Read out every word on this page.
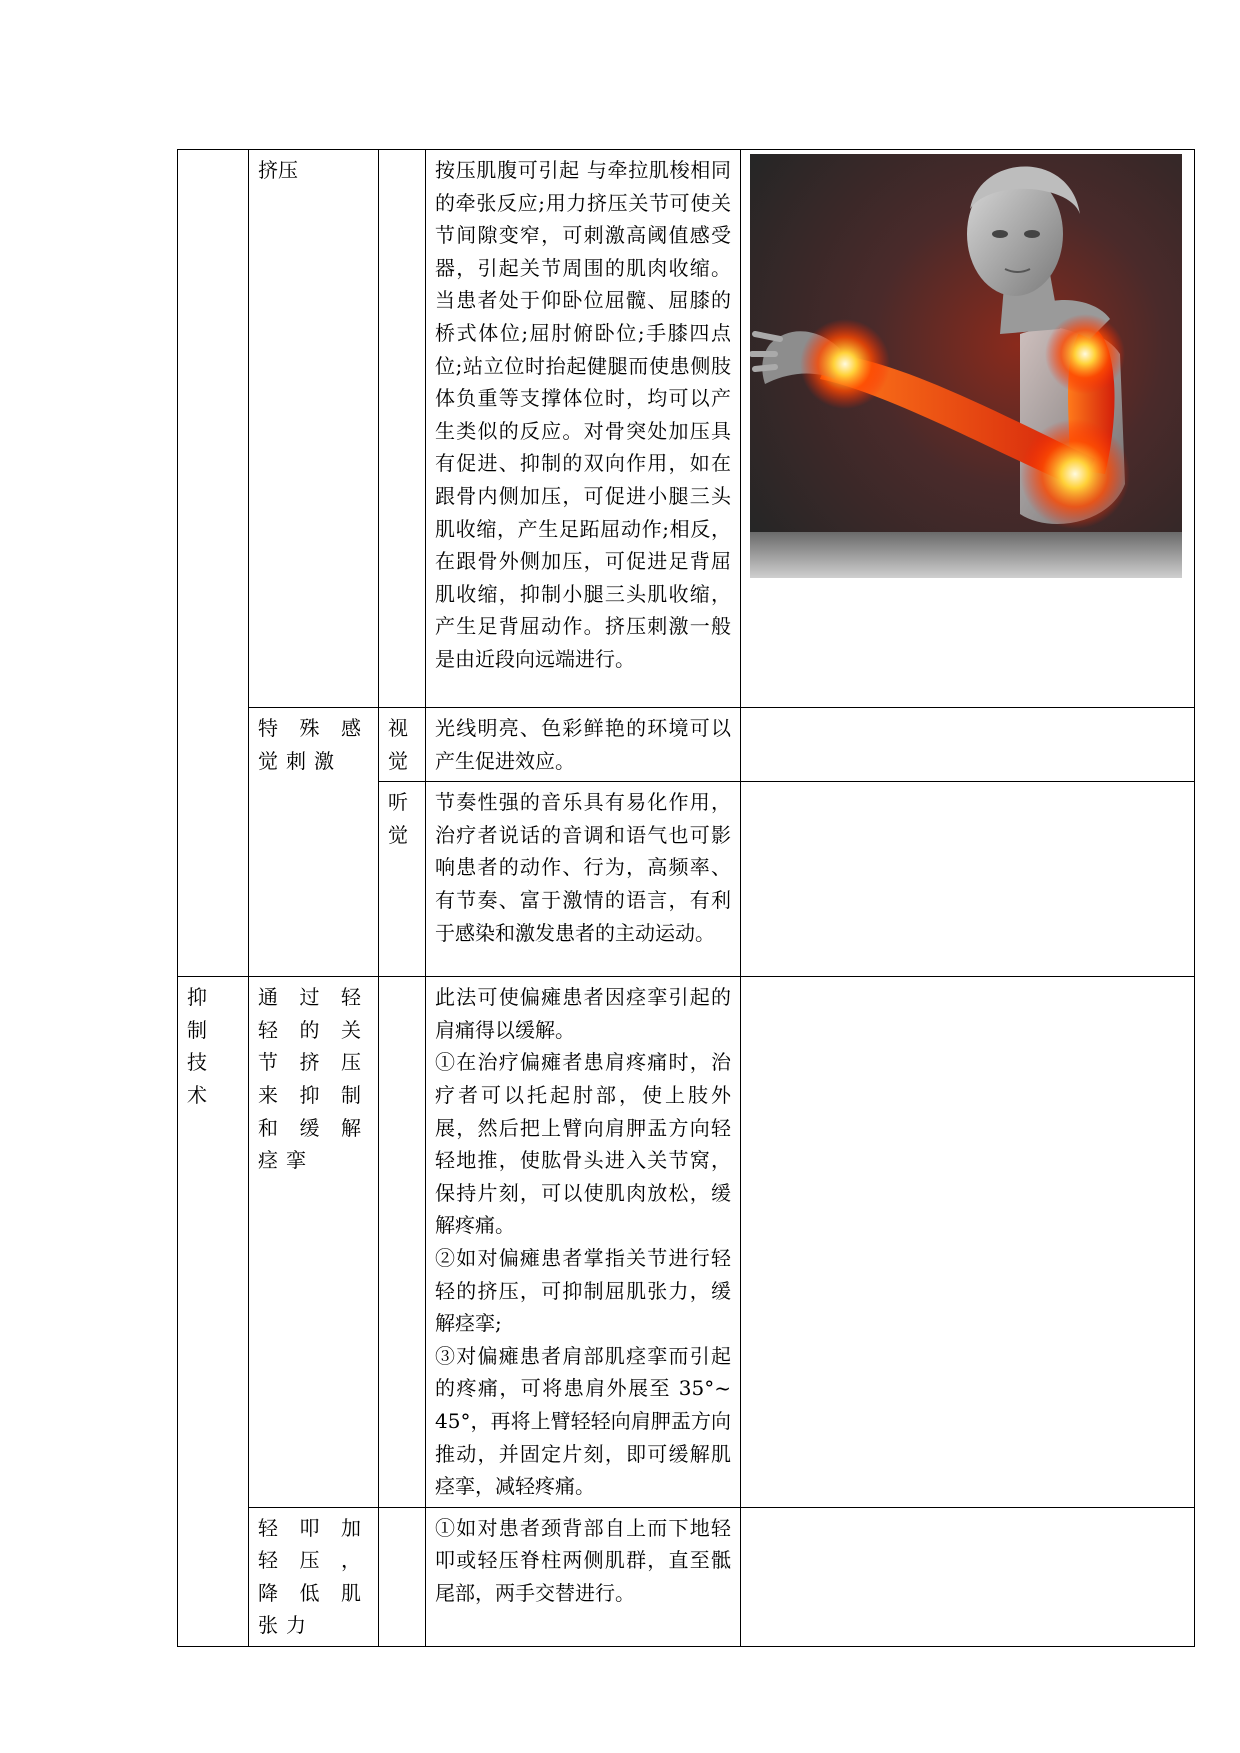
	挤压		按压肌腹可引起 与牵拉肌梭相同的牵张反应;用力挤压关节可使关节间隙变窄，可刺激高阈值感受器，引起关节周围的肌肉收缩。当患者处于仰卧位屈髋、屈膝的桥式体位;屈肘俯卧位;手膝四点位;站立位时抬起健腿而使患侧肢体负重等支撑体位时，均可以产生类似的反应。对骨突处加压具有促进、抑制的双向作用，如在跟骨内侧加压，可促进小腿三头肌收缩，产生足跖屈动作;相反，在跟骨外侧加压，可促进足背屈肌收缩，抑制小腿三头肌收缩，产生足背屈动作。挤压刺激一般是由近段向远端进行。

	特殊感觉刺激	视觉	光线明亮、色彩鲜艳的环境可以产生促进效应。	

		听觉	节奏性强的音乐具有易化作用，治疗者说话的音调和语气也可影响患者的动作、行为，高频率、有节奏、富于激情的语言，有利于感染和激发患者的主动运动。	

抑制技术	通过轻轻的关节挤压来抑制和缓解痉挛		此法可使偏瘫患者因痉挛引起的肩痛得以缓解。
①在治疗偏瘫者患肩疼痛时，治疗者可以托起肘部，使上肢外展，然后把上臂向肩胛盂方向轻轻地推，使肱骨头进入关节窝，保持片刻，可以使肌肉放松，缓解疼痛。
②如对偏瘫患者掌指关节进行轻轻的挤压，可抑制屈肌张力，缓解痉挛;
③对偏瘫患者肩部肌痉挛而引起的疼痛，可将患肩外展至 35°~ 45°，再将上臂轻轻向肩胛盂方向推动，并固定片刻，即可缓解肌痉挛，减轻疼痛。	

	轻叩加轻压，降低肌张力		①如对患者颈背部自上而下地轻叩或轻压脊柱两侧肌群，直至骶尾部，两手交替进行。	
